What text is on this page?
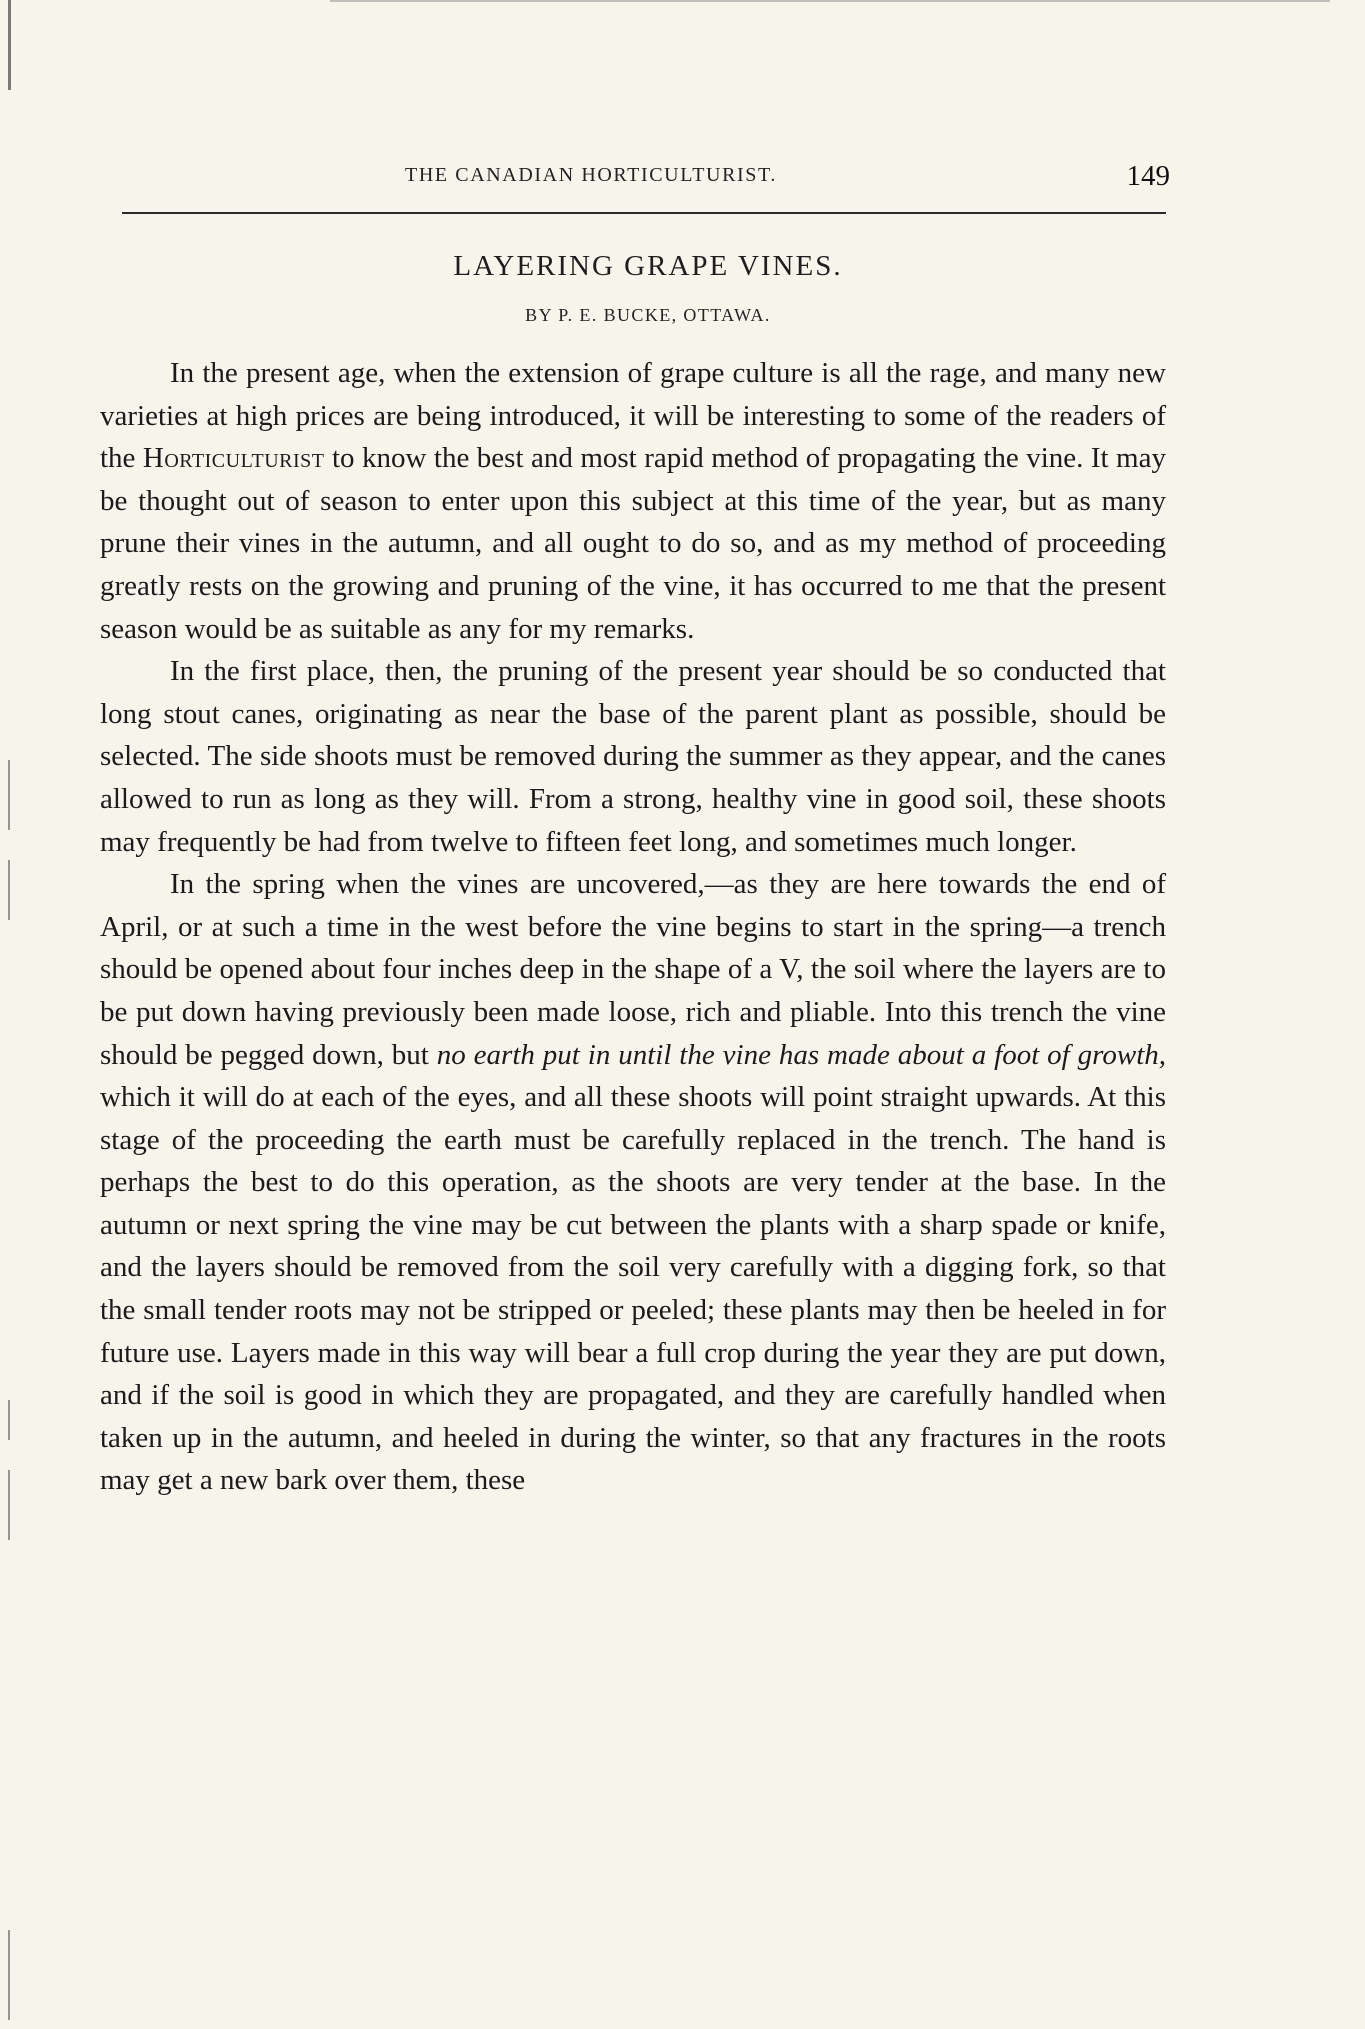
THE CANADIAN HORTICULTURIST.	149
LAYERING GRAPE VINES.
BY P. E. BUCKE, OTTAWA.

In the present age, when the extension of grape culture is all the rage, and many new varieties at high prices are being introduced, it will be interesting to some of the readers of the Horticulturist to know the best and most rapid method of propagating the vine. It may be thought out of season to enter upon this subject at this time of the year, but as many prune their vines in the autumn, and all ought to do so, and as my method of proceeding greatly rests on the growing and pruning of the vine, it has occurred to me that the present season would be as suitable as any for my remarks.

In the first place, then, the pruning of the present year should be so conducted that long stout canes, originating as near the base of the parent plant as possible, should be selected. The side shoots must be removed during the summer as they appear, and the canes allowed to run as long as they will. From a strong, healthy vine in good soil, these shoots may frequently be had from twelve to fifteen feet long, and sometimes much longer.

In the spring when the vines are uncovered,—as they are here towards the end of April, or at such a time in the west before the vine begins to start in the spring—a trench should be opened about four inches deep in the shape of a V, the soil where the layers are to be put down having previously been made loose, rich and pliable. Into this trench the vine should be pegged down, but no earth put in until the vine has made about a foot of growth, which it will do at each of the eyes, and all these shoots will point straight upwards. At this stage of the proceeding the earth must be carefully replaced in the trench. The hand is perhaps the best to do this operation, as the shoots are very tender at the base. In the autumn or next spring the vine may be cut between the plants with a sharp spade or knife, and the layers should be removed from the soil very carefully with a digging fork, so that the small tender roots may not be stripped or peeled; these plants may then be heeled in for future use. Layers made in this way will bear a full crop during the year they are put down, and if the soil is good in which they are propagated, and they are carefully handled when taken up in the autumn, and heeled in during the winter, so that any fractures in the roots may get a new bark over them, these
